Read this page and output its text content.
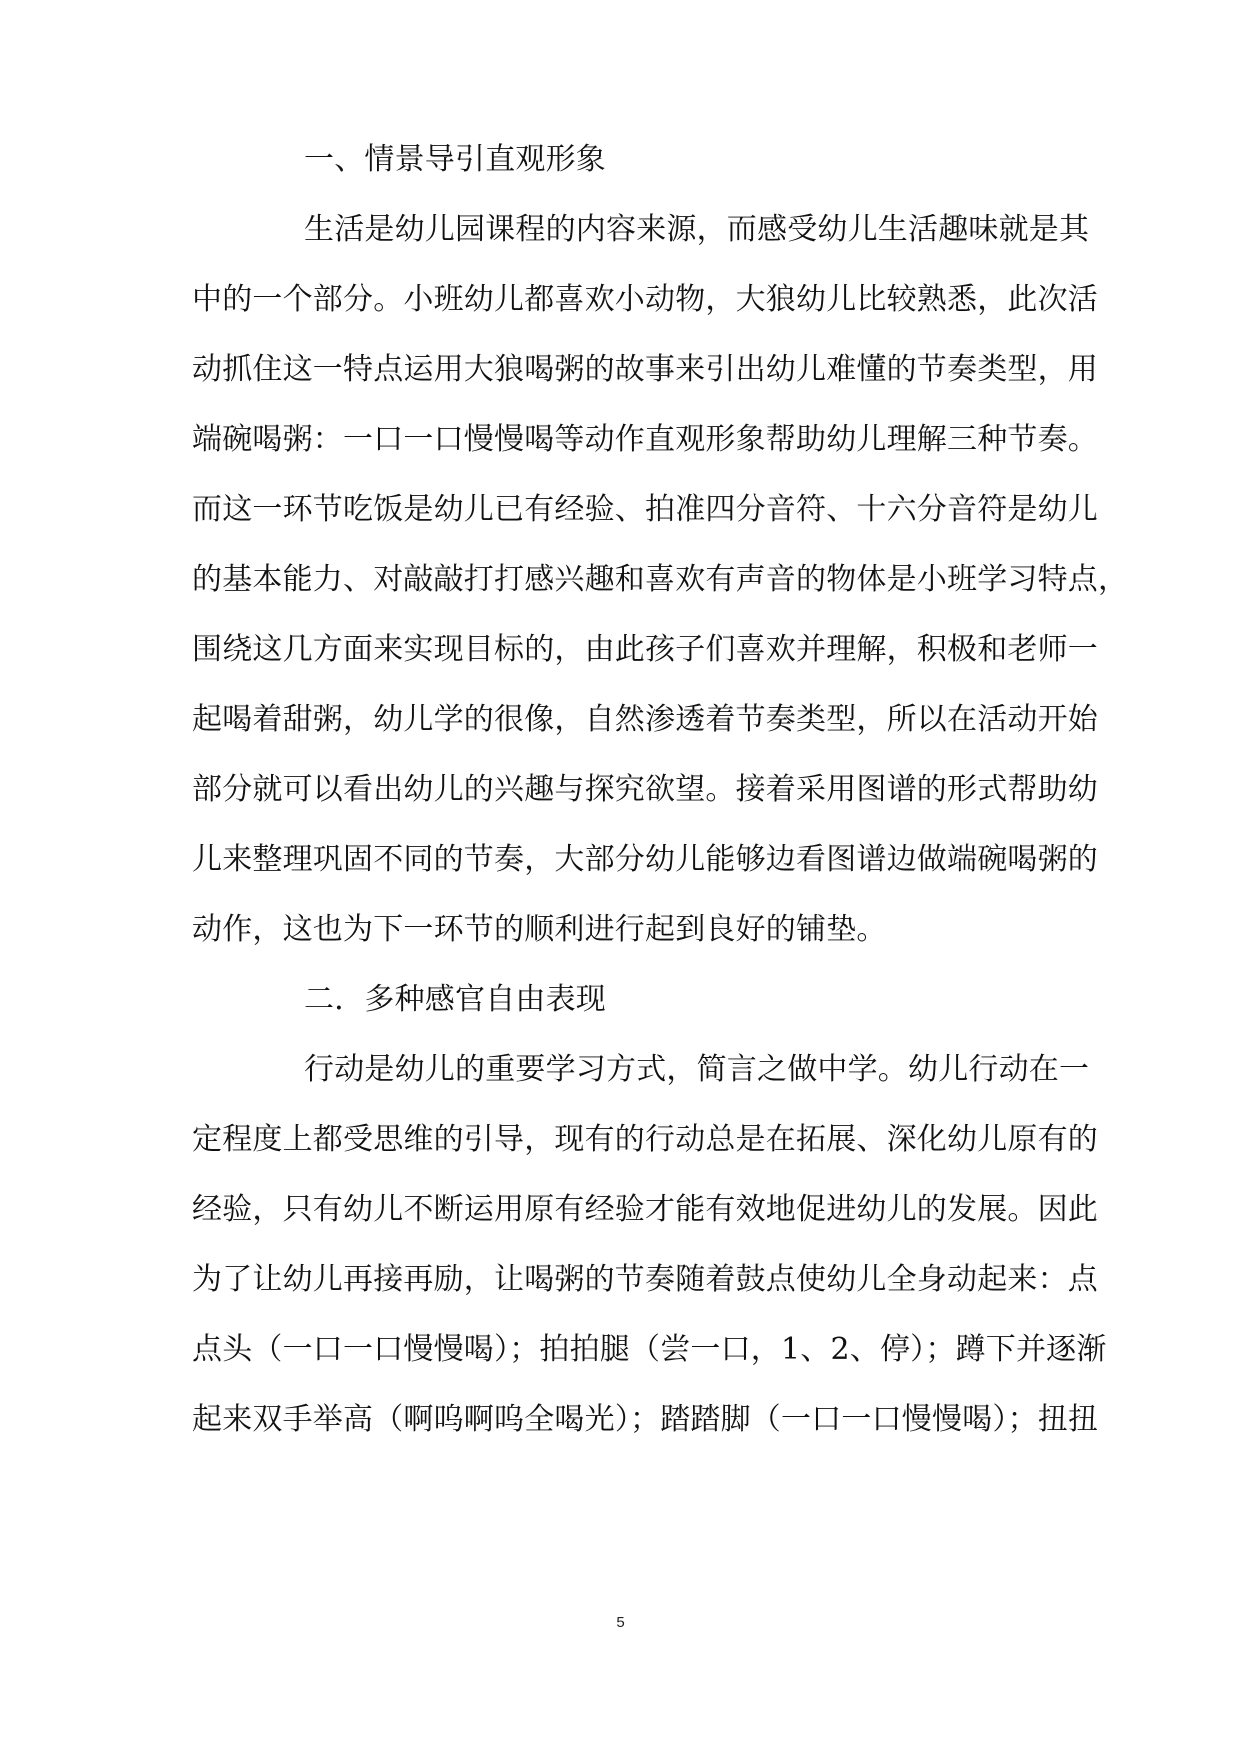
一、情景导引直观形象
生活是幼儿园课程的内容来源，而感受幼儿生活趣味就是其
中的一个部分。小班幼儿都喜欢小动物，大狼幼儿比较熟悉，此次活
动抓住这一特点运用大狼喝粥的故事来引出幼儿难懂的节奏类型，用
端碗喝粥：一口一口慢慢喝等动作直观形象帮助幼儿理解三种节奏。
而这一环节吃饭是幼儿已有经验、拍准四分音符、十六分音符是幼儿
的基本能力、对敲敲打打感兴趣和喜欢有声音的物体是小班学习特点，
围绕这几方面来实现目标的，由此孩子们喜欢并理解，积极和老师一
起喝着甜粥，幼儿学的很像，自然渗透着节奏类型，所以在活动开始
部分就可以看出幼儿的兴趣与探究欲望。接着采用图谱的形式帮助幼
儿来整理巩固不同的节奏，大部分幼儿能够边看图谱边做端碗喝粥的
动作，这也为下一环节的顺利进行起到良好的铺垫。
二．多种感官自由表现
行动是幼儿的重要学习方式，简言之做中学。幼儿行动在一
定程度上都受思维的引导，现有的行动总是在拓展、深化幼儿原有的
经验，只有幼儿不断运用原有经验才能有效地促进幼儿的发展。因此
为了让幼儿再接再励，让喝粥的节奏随着鼓点使幼儿全身动起来：点
点头（一口一口慢慢喝）；拍拍腿（尝一口，1、2、停）；蹲下并逐渐
起来双手举高（啊呜啊呜全喝光）；踏踏脚（一口一口慢慢喝）；扭扭
5
